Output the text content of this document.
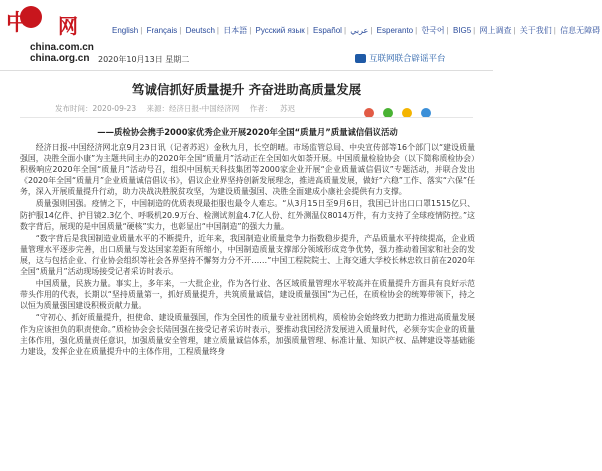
中 网
china.com.cn
china.org.cn
English | Français | Deutsch | 日本語 | Русский язык | Español | عربي | Esperanto | 한국어 | BIG5 | 网上调查 | 关于我们 | 信息无障碍
2020年10月13日 星期二	互联网联合辟谣平台
笃诚信抓好质量提升 齐奋进助高质量发展
发布时间：2020-09-23 来源：经济日报-中国经济网 作者： 苏迟

——质检协会携手2000家优秀企业开展2020年全国“质量月”质量诚信倡议活动

经济日报-中国经济网北京9月23日讯（记者苏迟）金秋九月，长空朗晴。市场监管总局、中央宣传部等16个部门以“建设质量强国，决胜全面小康”为主题共同主办的2020年全国“质量月”活动正在全国如火如荼开展。中国质量检验协会（以下简称质检协会）积极响应2020年全国“质量月”活动号召，组织中国航天科技集团等2000家企业开展“企业质量诚信倡议”专题活动，并联合发出《2020年全国“质量月”企业质量诚信倡议书》，倡议企业界坚持创新发展理念，推进高质量发展，做好“六稳”工作、落实“六保”任务，深入开展质量提升行动，助力决战决胜脱贫攻坚，为建设质量强国、决胜全面建成小康社会提供有力支撑。

质量强则国强。疫情之下，中国制造的优质表现最拒服也最令人难忘。“从3月15日至9月6日，我国已计出口口罩1515亿只、防护服14亿件、护目镜2.3亿个、呼吸机20.9万台、检测试剂盒4.7亿人份、红外测温仪8014万件，有力支持了全球疫情防控。”这数字背后，展现的是中国质量“硬核”实力，也彰显出“中国制造”的强大力量。

“数字背后是我国制造业质量水平的不断提升，近年来，我国制造业质量竞争力指数稳步提升，产品质量水平持续提高，企业质量管理水平逐步完善，出口质量与发达国家差距有所缩小，中国制造质量支撑部分领域形成竞争优势，强力推动着国家和社会的发展，这与包括企业、行业协会组织等社会各界坚持不懈努力分不开……”中国工程院院士、上海交通大学校长林忠钦日前在2020年全国“质量月”活动现场接受记者采访时表示。

中国质量，民族力量。事实上，多年来，一大批企业，作为各行业、各区域质量管理水平较高并在质量提升方面具有良好示范带头作用的代表，长期以“坚持质量第一，抓好质量提升，共筑质量诚信，建设质量强国”为己任，在质检协会的统筹带领下，持之以恒为质量强国建设积极贡献力量。

“守初心、抓好质量提升，担使命、建设质量强国，作为全国性的质量专业社团机构，质检协会始终致力把助力推进高质量发展作为应该担负的职责使命。”质检协会会长陆国强在接受记者采访时表示，要推动我国经济发展进入质量时代，必须夯实企业的质量主体作用，强化质量责任意识，加强质量安全管理，建立质量诚信体系，加强质量管理、标准计量、知识产权、品牌建设等基础能力建设，发挥企业在质量提升中的主体作用，工程质量终身
